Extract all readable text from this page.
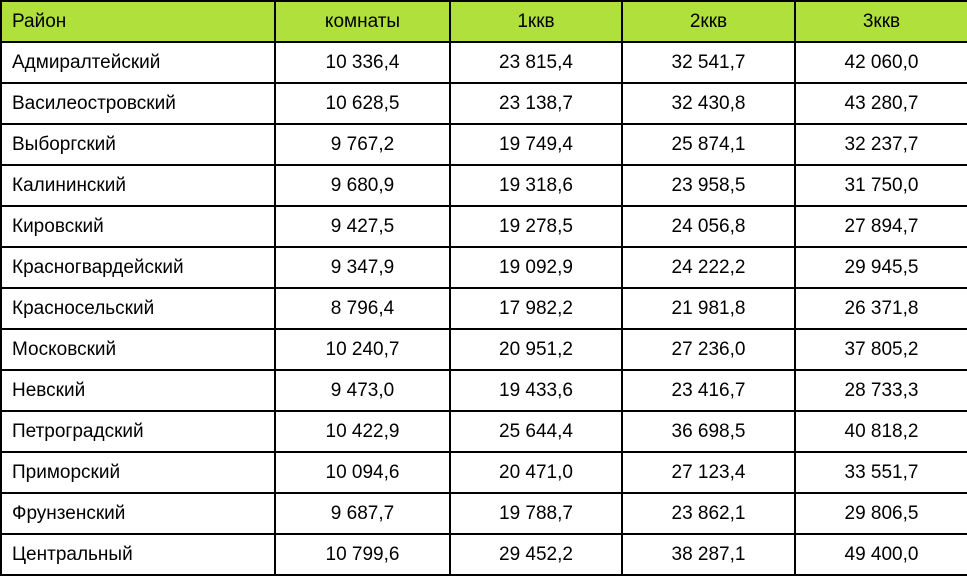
Район	комнаты	1ккв	2ккв	3ккв
Адмиралтейский	10 336,4	23 815,4	32 541,7	42 060,0
Василеостровский	10 628,5	23 138,7	32 430,8	43 280,7
Выборгский	9 767,2	19 749,4	25 874,1	32 237,7
Калининский	9 680,9	19 318,6	23 958,5	31 750,0
Кировский	9 427,5	19 278,5	24 056,8	27 894,7
Красногвардейский	9 347,9	19 092,9	24 222,2	29 945,5
Красносельский	8 796,4	17 982,2	21 981,8	26 371,8
Московский	10 240,7	20 951,2	27 236,0	37 805,2
Невский	9 473,0	19 433,6	23 416,7	28 733,3
Петроградский	10 422,9	25 644,4	36 698,5	40 818,2
Приморский	10 094,6	20 471,0	27 123,4	33 551,7
Фрунзенский	9 687,7	19 788,7	23 862,1	29 806,5
Центральный	10 799,6	29 452,2	38 287,1	49 400,0
